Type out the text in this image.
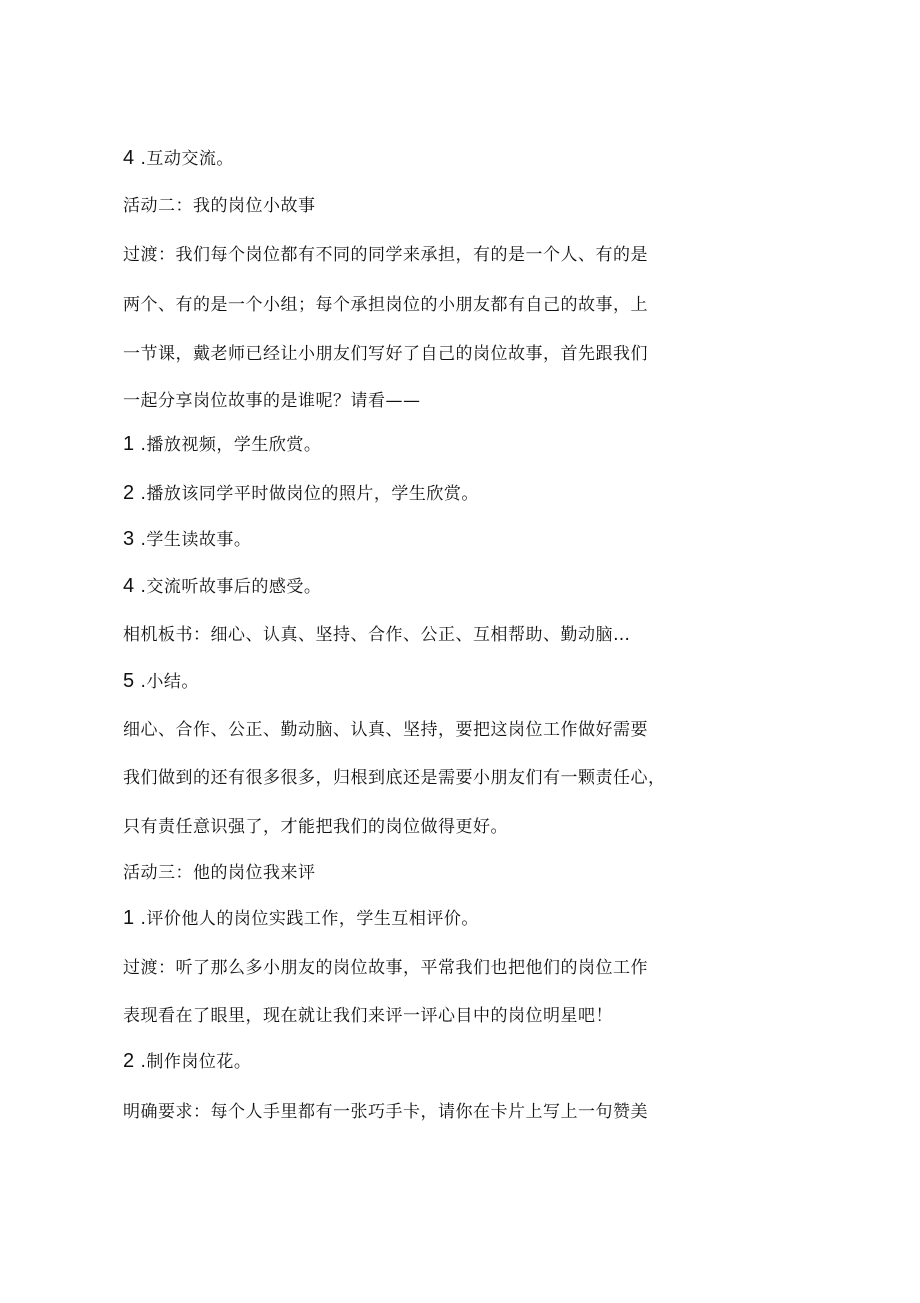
4 .互动交流。
活动二：我的岗位小故事
过渡：我们每个岗位都有不同的同学来承担，有的是一个人、有的是
两个、有的是一个小组；每个承担岗位的小朋友都有自己的故事，上
一节课，戴老师已经让小朋友们写好了自己的岗位故事，首先跟我们
一起分享岗位故事的是谁呢？请看——
1 .播放视频，学生欣赏。
2 .播放该同学平时做岗位的照片，学生欣赏。
3 .学生读故事。
4 .交流听故事后的感受。
相机板书：细心、认真、坚持、合作、公正、互相帮助、勤动脑…
5 .小结。
细心、合作、公正、勤动脑、认真、坚持，要把这岗位工作做好需要
我们做到的还有很多很多，归根到底还是需要小朋友们有一颗责任心，
只有责任意识强了，才能把我们的岗位做得更好。
活动三：他的岗位我来评
1 .评价他人的岗位实践工作，学生互相评价。
过渡：听了那么多小朋友的岗位故事，平常我们也把他们的岗位工作
表现看在了眼里，现在就让我们来评一评心目中的岗位明星吧！
2 .制作岗位花。
明确要求：每个人手里都有一张巧手卡，请你在卡片上写上一句赞美
